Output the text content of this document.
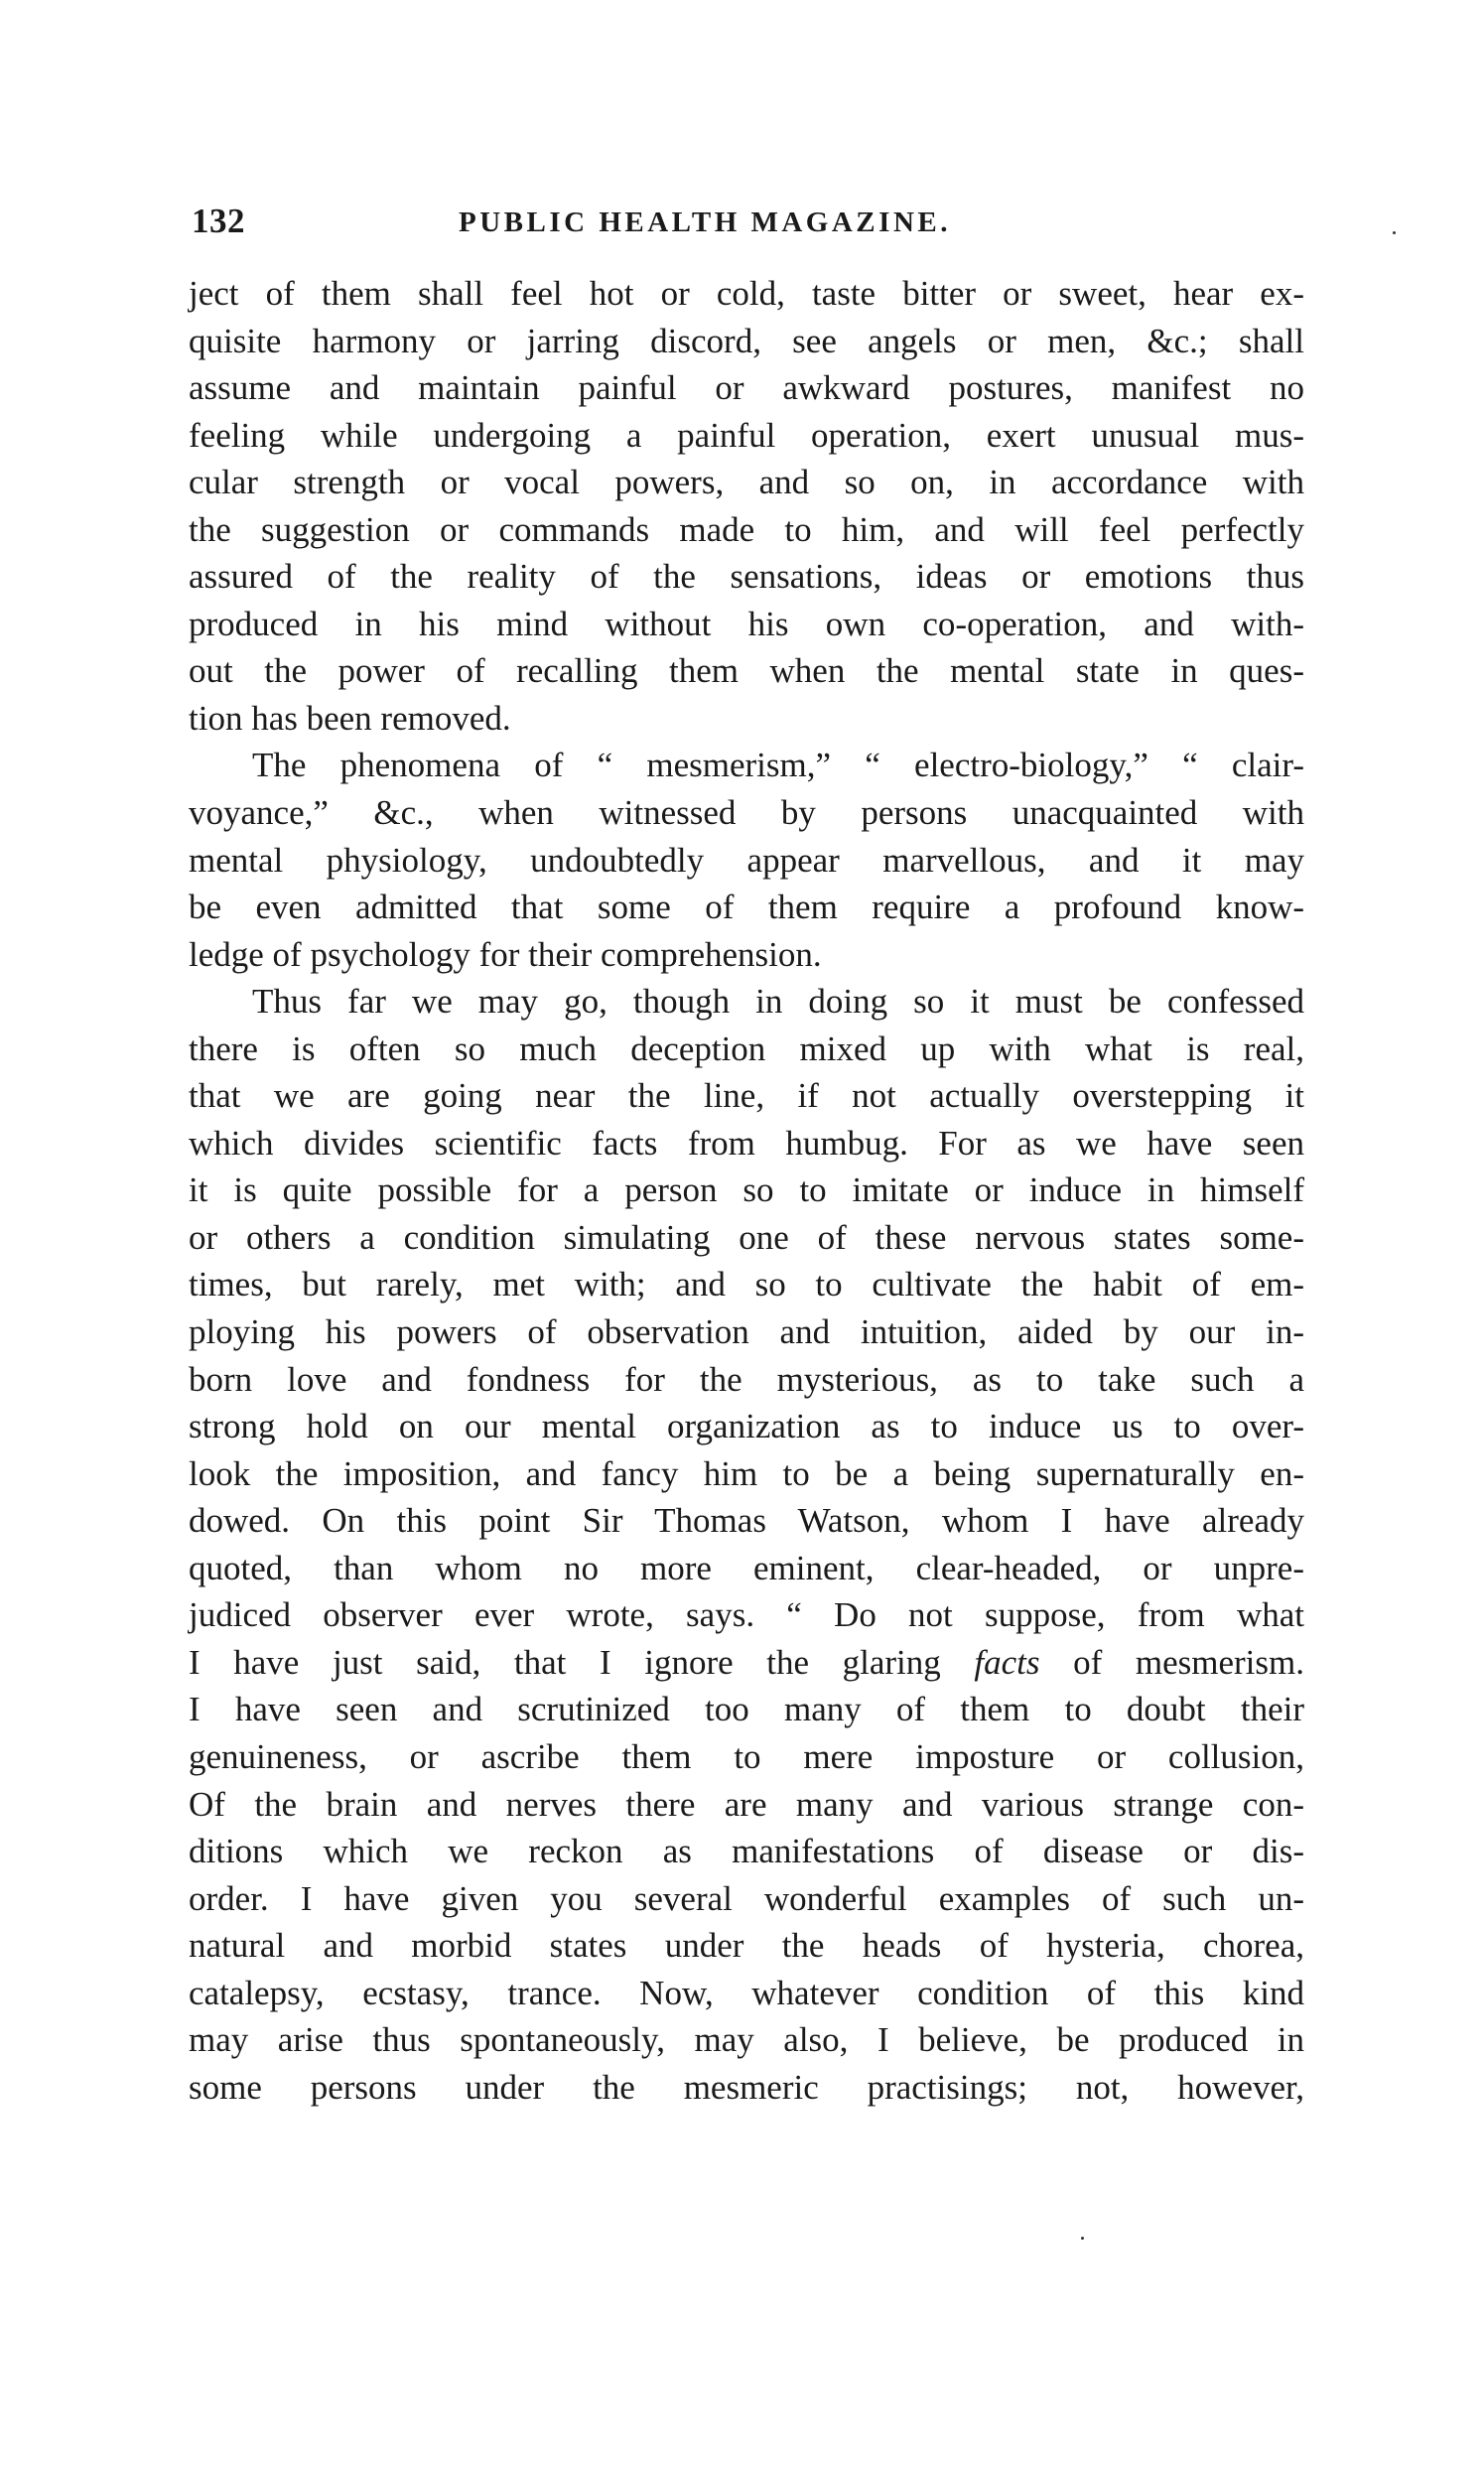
132	PUBLIC HEALTH MAGAZINE.
ject of them shall feel hot or cold, taste bitter or sweet, hear ex-
quisite harmony or jarring discord, see angels or men, &c.; shall
assume and maintain painful or awkward postures, manifest no
feeling while undergoing a painful operation, exert unusual mus-
cular strength or vocal powers, and so on, in accordance with
the suggestion or commands made to him, and will feel perfectly
assured of the reality of the sensations, ideas or emotions thus
produced in his mind without his own co-operation, and with-
out the power of recalling them when the mental state in ques-
tion has been removed.
The phenomena of “ mesmerism,” “ electro-biology,” “ clair-
voyance,” &c., when witnessed by persons unacquainted with
mental physiology, undoubtedly appear marvellous, and it may
be even admitted that some of them require a profound know-
ledge of psychology for their comprehension.
Thus far we may go, though in doing so it must be confessed
there is often so much deception mixed up with what is real,
that we are going near the line, if not actually overstepping it
which divides scientific facts from humbug. For as we have seen
it is quite possible for a person so to imitate or induce in himself
or others a condition simulating one of these nervous states some-
times, but rarely, met with; and so to cultivate the habit of em-
ploying his powers of observation and intuition, aided by our in-
born love and fondness for the mysterious, as to take such a
strong hold on our mental organization as to induce us to over-
look the imposition, and fancy him to be a being supernaturally en-
dowed. On this point Sir Thomas Watson, whom I have already
quoted, than whom no more eminent, clear-headed, or unpre-
judiced observer ever wrote, says. “ Do not suppose, from what
I have just said, that I ignore the glaring facts of mesmerism.
I have seen and scrutinized too many of them to doubt their
genuineness, or ascribe them to mere imposture or collusion,
Of the brain and nerves there are many and various strange con-
ditions which we reckon as manifestations of disease or dis-
order. I have given you several wonderful examples of such un-
natural and morbid states under the heads of hysteria, chorea,
catalepsy, ecstasy, trance. Now, whatever condition of this kind
may arise thus spontaneously, may also, I believe, be produced in
some persons under the mesmeric practisings; not, however,
